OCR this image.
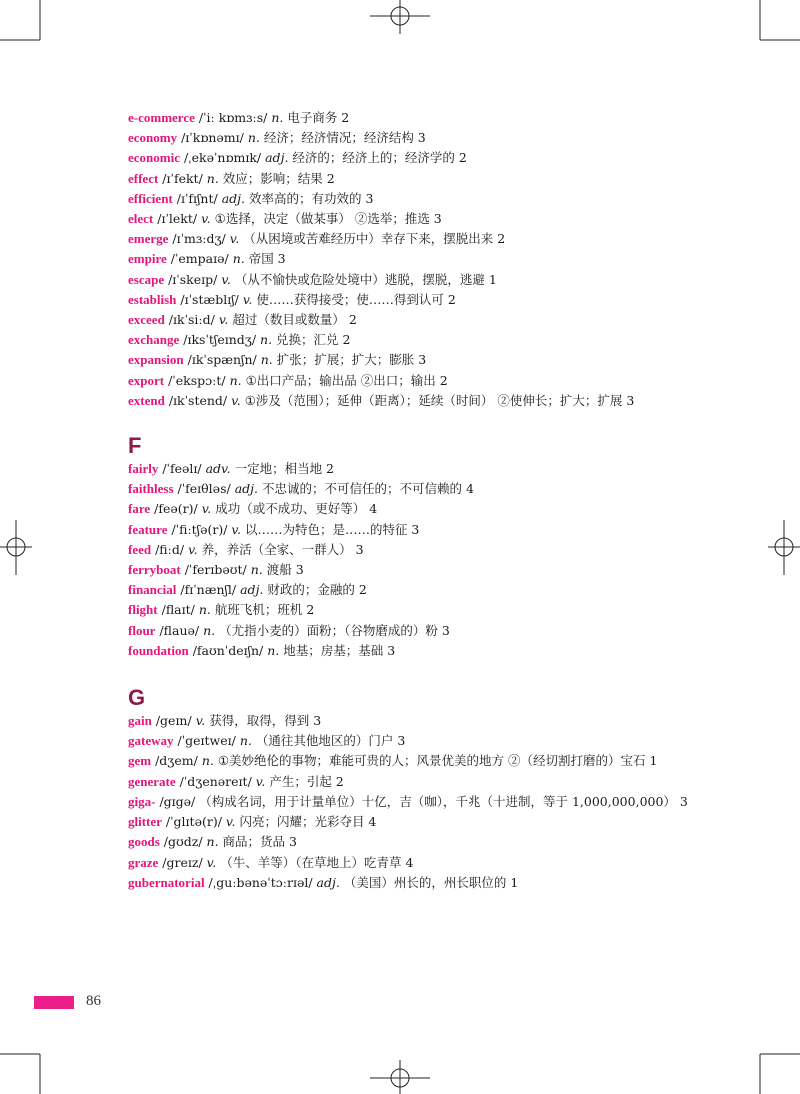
e-commerce /ˈiː kɒmɜːs/ n. 电子商务 2

economy /ɪˈkɒnəmɪ/ n. 经济；经济情况；经济结构 3

economic /ˌekəˈnɒmɪk/ adj. 经济的；经济上的；经济学的 2

effect /ɪˈfekt/ n. 效应；影响；结果 2

efficient /ɪˈfɪʃnt/ adj. 效率高的；有功效的 3

elect /ɪˈlekt/ v. ①选择，决定（做某事） ②选举；推选 3

emerge /ɪˈmɜːdʒ/ v. （从困境或苦难经历中）幸存下来，摆脱出来 2

empire /ˈempaɪə/ n. 帝国 3

escape /ɪˈskeɪp/ v. （从不愉快或危险处境中）逃脱，摆脱，逃避 1

establish /ɪˈstæblɪʃ/ v. 使……获得接受；使……得到认可 2

exceed /ɪkˈsiːd/ v. 超过（数目或数量） 2

exchange /ɪksˈtʃeɪndʒ/ n. 兑换；汇兑 2

expansion /ɪkˈspænʃn/ n. 扩张；扩展；扩大；膨胀 3

export /ˈekspɔːt/ n. ①出口产品；输出品 ②出口；输出 2

extend /ɪkˈstend/ v. ①涉及（范围）；延伸（距离）；延续（时间） ②使伸长；扩大；扩展 3

F

fairly /ˈfeəlɪ/ adv. 一定地；相当地 2

faithless /ˈfeɪθləs/ adj. 不忠诚的；不可信任的；不可信赖的 4

fare /feə(r)/ v. 成功（或不成功、更好等） 4

feature /ˈfiːtʃə(r)/ v. 以……为特色；是……的特征 3

feed /fiːd/ v. 养，养活（全家、一群人） 3

ferryboat /ˈferɪbəʊt/ n. 渡船 3

financial /fɪˈnænʃl/ adj. 财政的；金融的 2

flight /flaɪt/ n. 航班飞机；班机 2

flour /flauə/ n. （尤指小麦的）面粉；（谷物磨成的）粉 3

foundation /faʊnˈdeɪʃn/ n. 地基；房基；基础 3

G

gain /geɪn/ v. 获得，取得，得到 3

gateway /ˈgeɪtweɪ/ n. （通往其他地区的）门户 3

gem /dʒem/ n. ①美妙绝伦的事物；难能可贵的人；风景优美的地方 ②（经切割打磨的）宝石 1

generate /ˈdʒenəreɪt/ v. 产生；引起 2

giga- /gɪgə/ （构成名词，用于计量单位）十亿，吉（咖），千兆（十进制，等于 1,000,000,000） 3

glitter /ˈglɪtə(r)/ v. 闪亮；闪耀；光彩夺目 4

goods /gʊdz/ n. 商品；货品 3

graze /greɪz/ v. （牛、羊等）（在草地上）吃青草 4

gubernatorial /ˌguːbənəˈtɔːrɪəl/ adj. （美国）州长的，州长职位的 1

86
